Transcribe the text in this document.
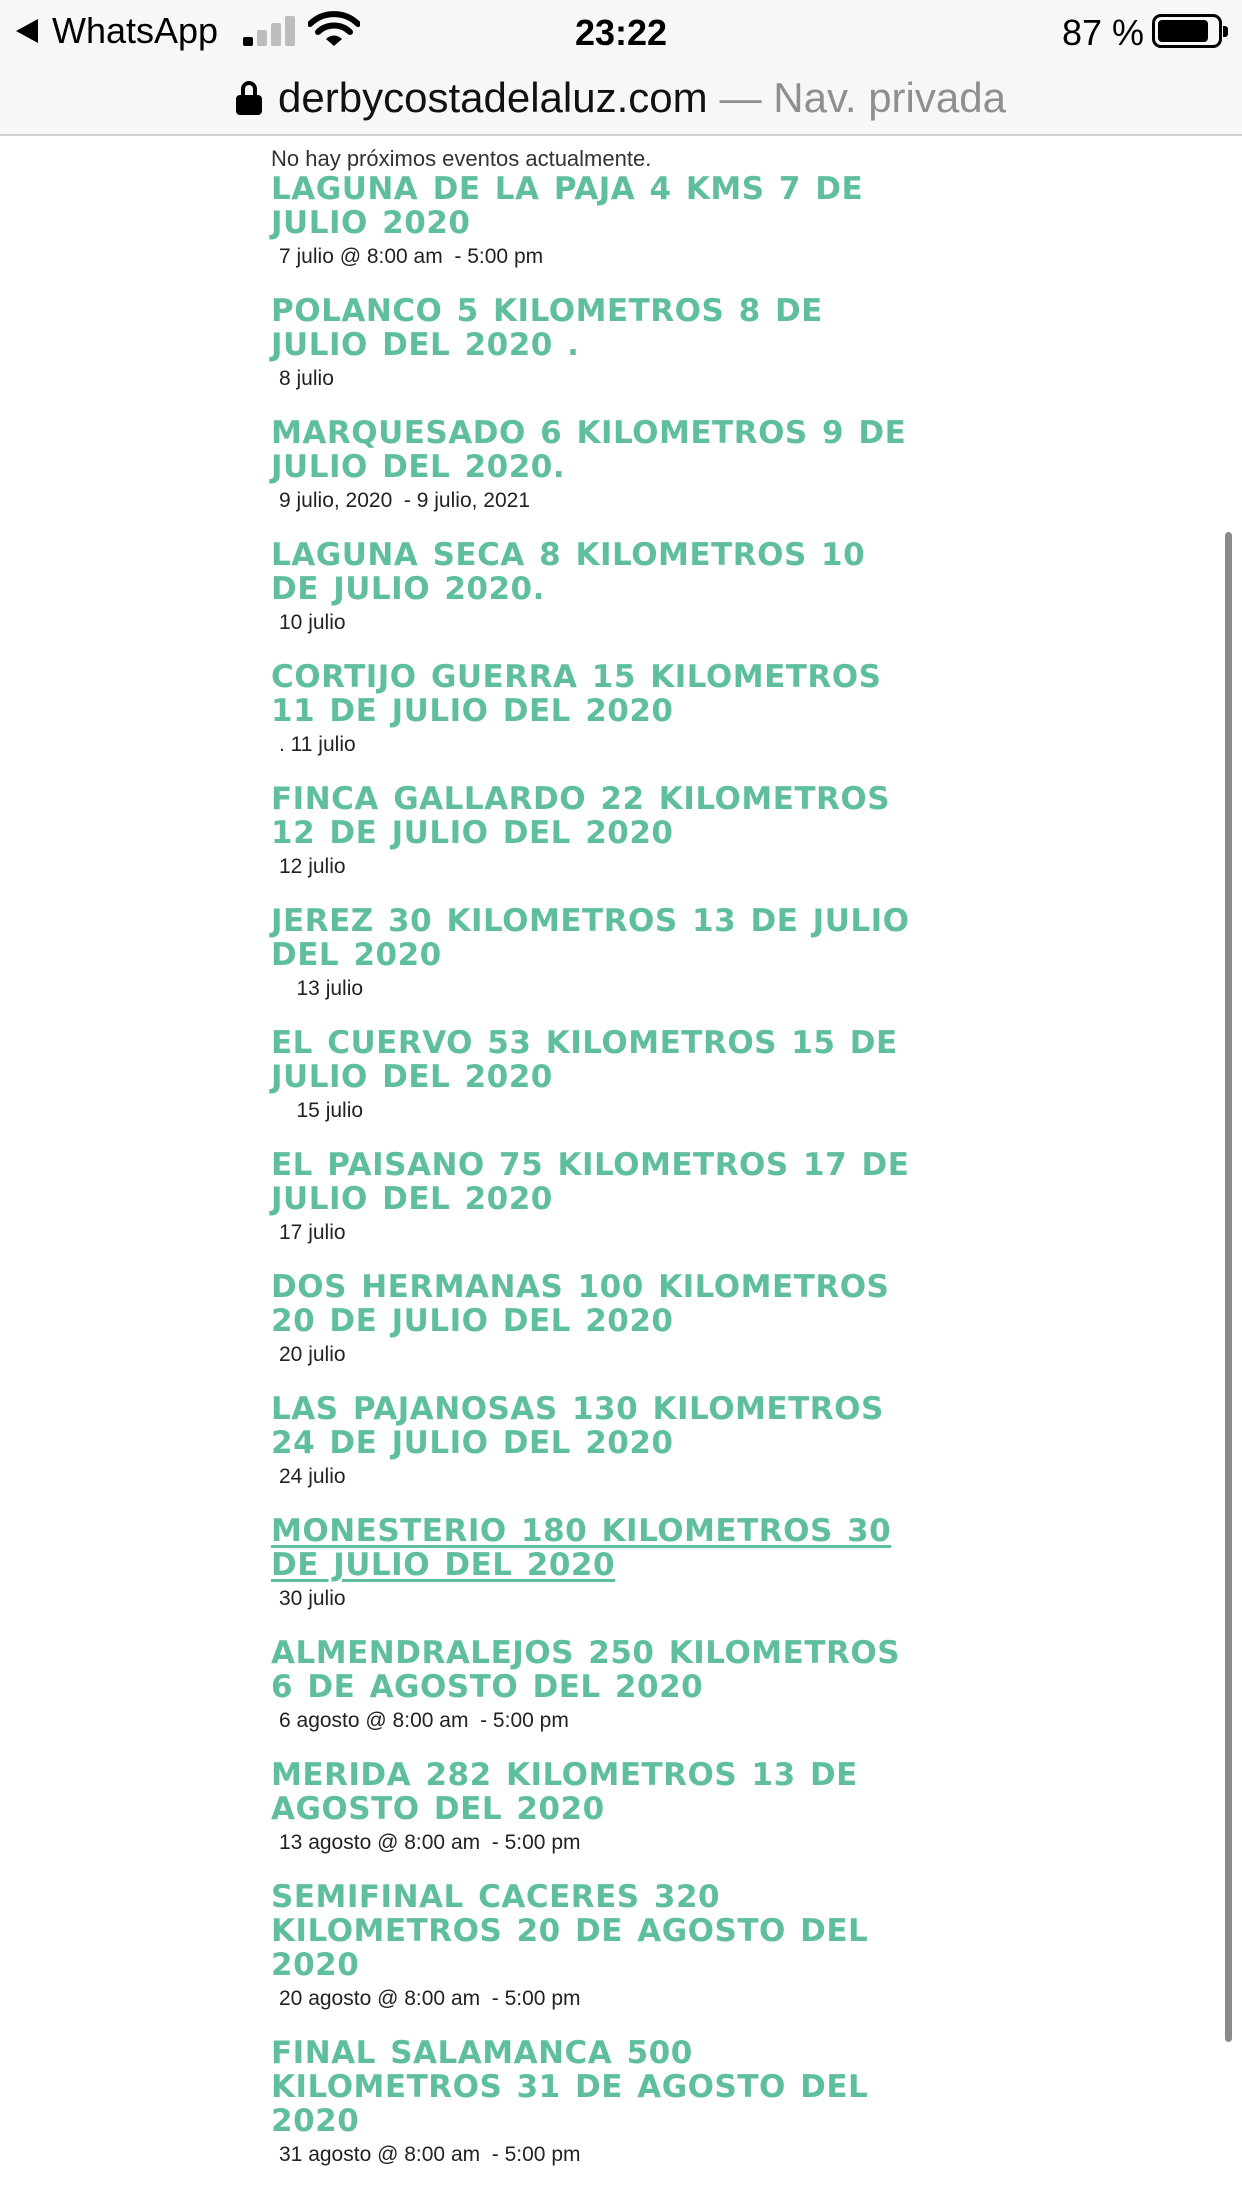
WhatsApp	23:22	87 %
derbycostadelaluz.com — Nav. privada
No hay próximos eventos actualmente.
LAGUNA DE LA PAJA 4 KMS 7 DE JULIO 2020
7 julio @ 8:00 am  - 5:00 pm
POLANCO 5 KILOMETROS 8 DE JULIO DEL 2020 .
8 julio
MARQUESADO 6 KILOMETROS 9 DE JULIO DEL 2020.
9 julio, 2020  - 9 julio, 2021
LAGUNA SECA 8 KILOMETROS 10 DE JULIO 2020.
10 julio
CORTIJO GUERRA 15 KILOMETROS 11 DE JULIO DEL 2020
. 11 julio
FINCA GALLARDO 22 KILOMETROS 12 DE JULIO DEL 2020
12 julio
JEREZ 30 KILOMETROS 13 DE JULIO DEL 2020
13 julio
EL CUERVO 53 KILOMETROS 15 DE JULIO DEL 2020
15 julio
EL PAISANO 75 KILOMETROS 17 DE JULIO DEL 2020
17 julio
DOS HERMANAS 100 KILOMETROS 20 DE JULIO DEL 2020
20 julio
LAS PAJANOSAS 130 KILOMETROS 24 DE JULIO DEL 2020
24 julio
MONESTERIO 180 KILOMETROS 30 DE JULIO DEL 2020
30 julio
ALMENDRALEJOS 250 KILOMETROS 6 DE AGOSTO DEL 2020
6 agosto @ 8:00 am  - 5:00 pm
MERIDA 282 KILOMETROS 13 DE AGOSTO DEL 2020
13 agosto @ 8:00 am  - 5:00 pm
SEMIFINAL CACERES 320 KILOMETROS 20 DE AGOSTO DEL 2020
20 agosto @ 8:00 am  - 5:00 pm
FINAL SALAMANCA 500 KILOMETROS 31 DE AGOSTO DEL 2020
31 agosto @ 8:00 am  - 5:00 pm
